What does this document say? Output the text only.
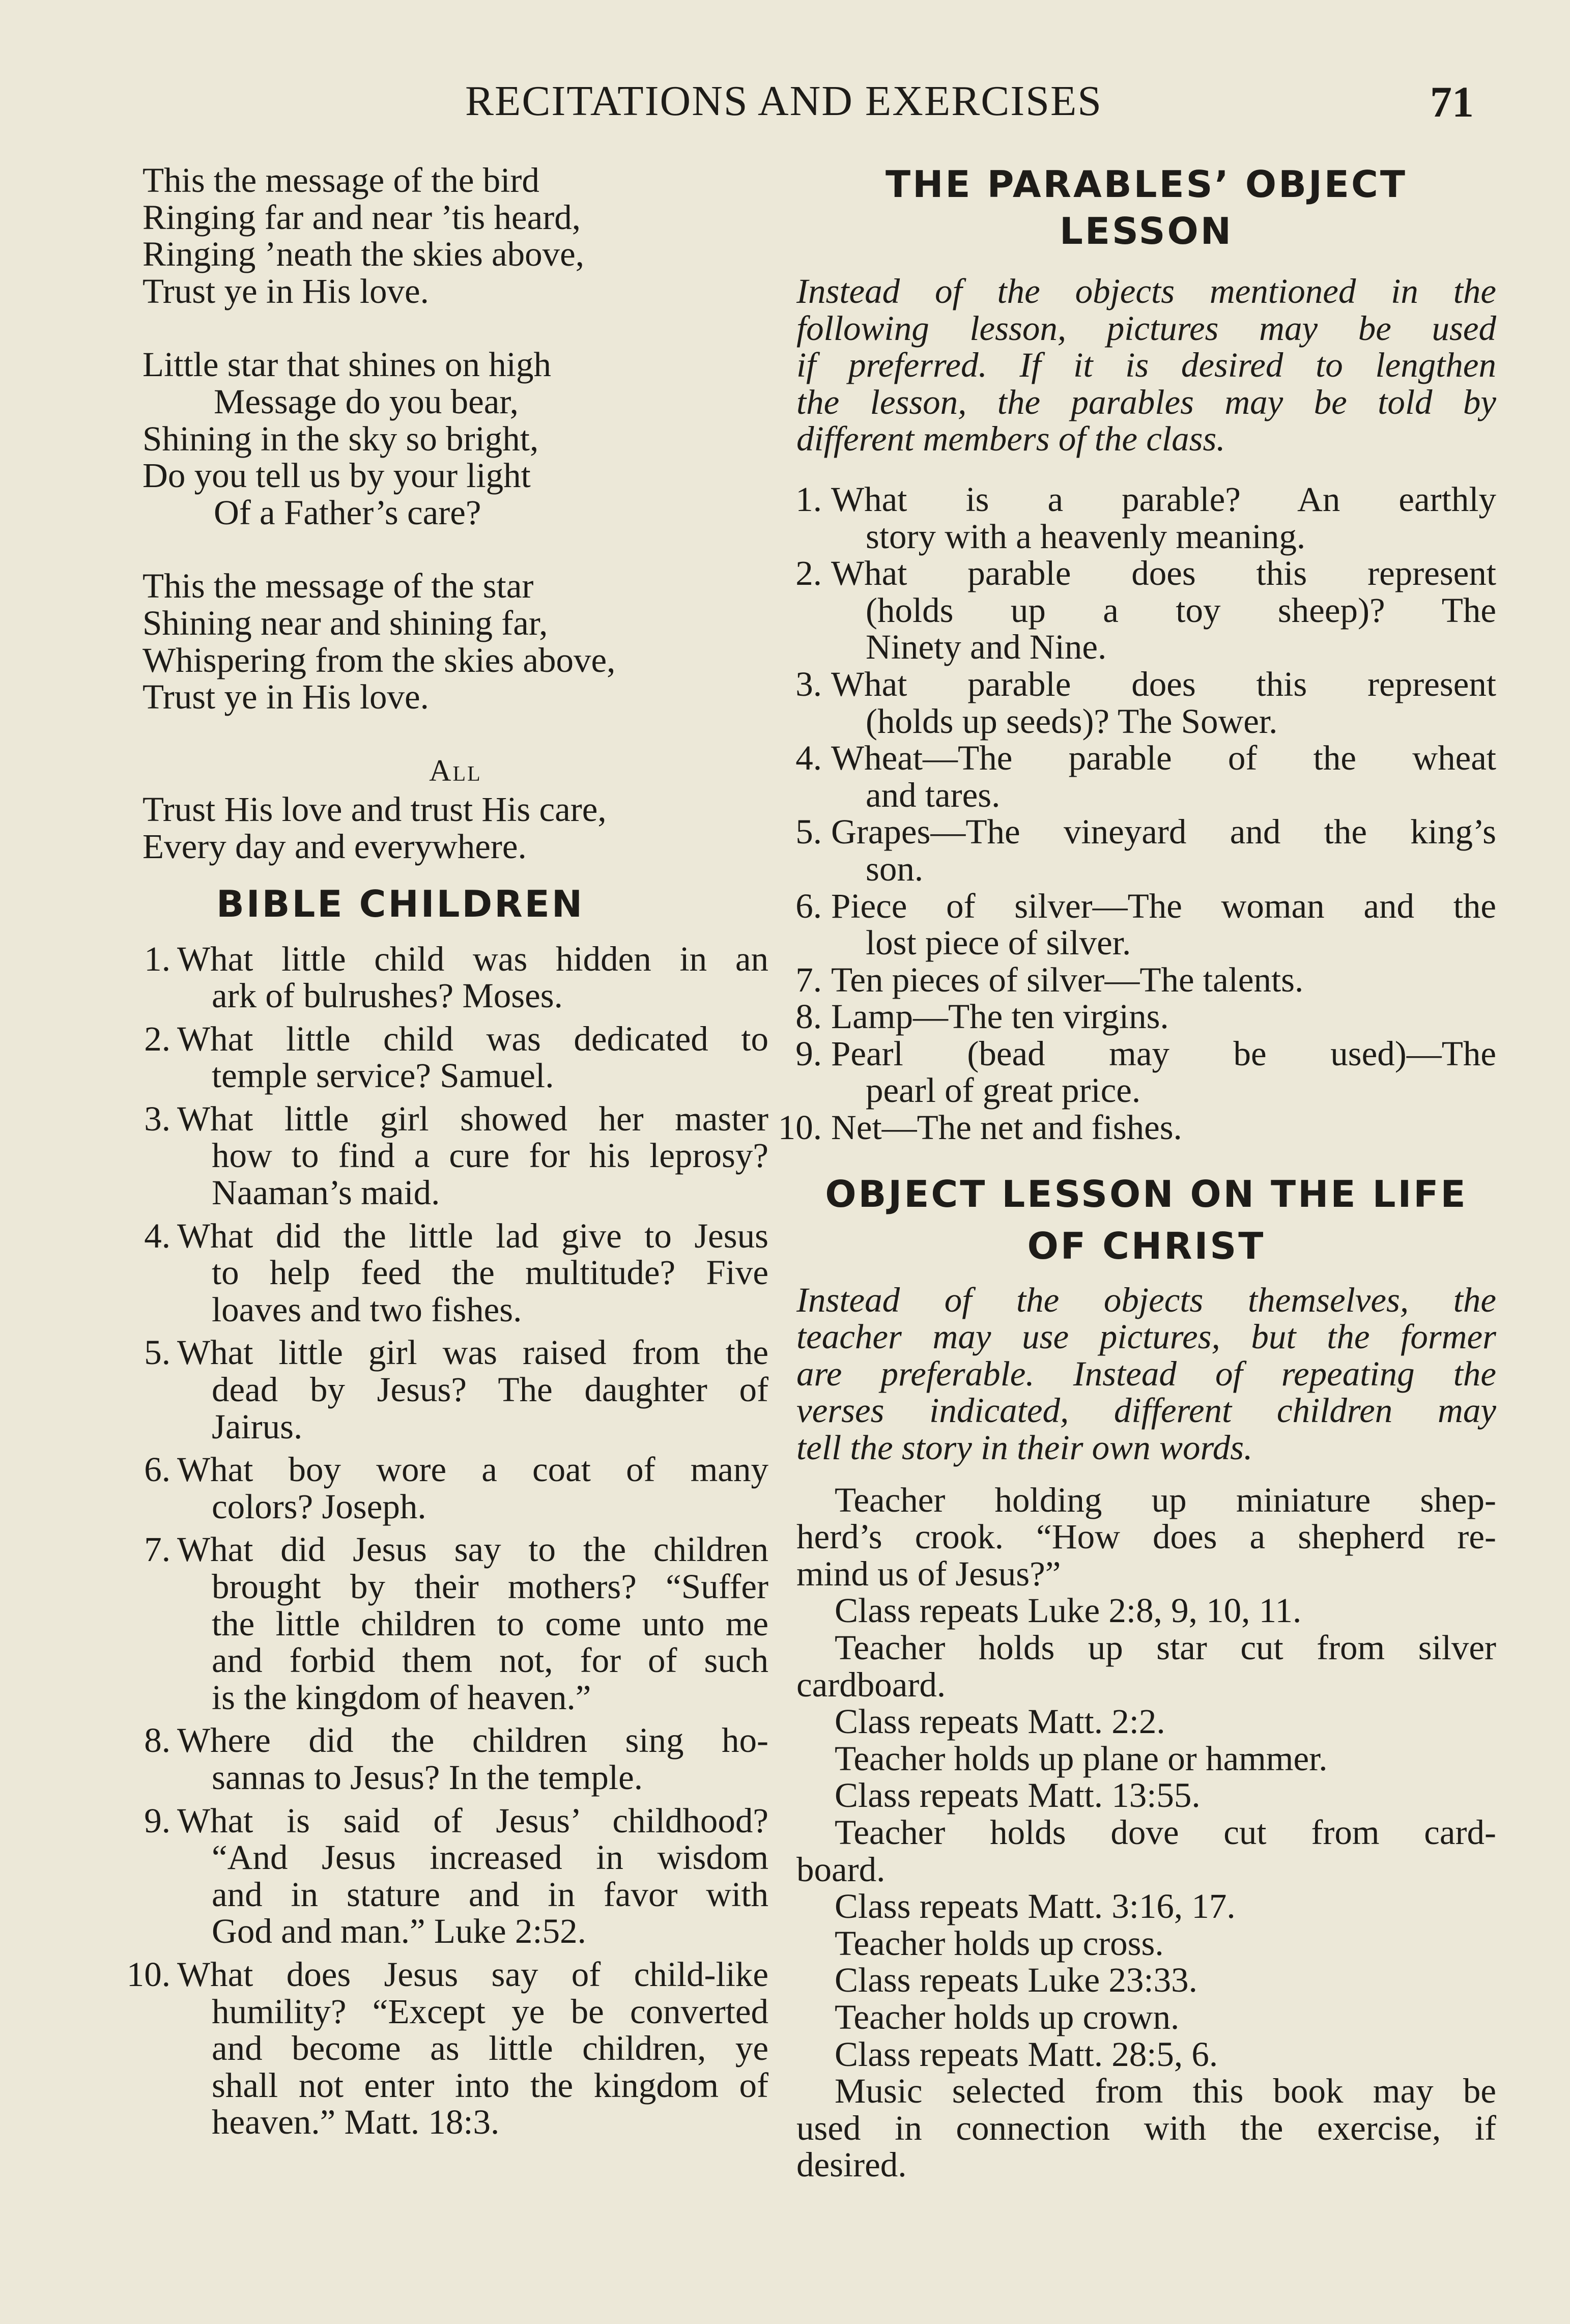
RECITATIONS AND EXERCISES	71
This the message of the bird
Ringing far and near ’tis heard,
Ringing ’neath the skies above,
Trust ye in His love.
Little star that shines on high
Message do you bear,
Shining in the sky so bright,
Do you tell us by your light
Of a Father’s care?
This the message of the star
Shining near and shining far,
Whispering from the skies above,
Trust ye in His love.
All
Trust His love and trust His care,
Every day and everywhere.
BIBLE CHILDREN
1. What little child was hidden in an
ark of bulrushes? Moses.
2. What little child was dedicated to
temple service? Samuel.
3. What little girl showed her master
how to find a cure for his leprosy?
Naaman’s maid.
4. What did the little lad give to Jesus
to help feed the multitude? Five
loaves and two fishes.
5. What little girl was raised from the
dead by Jesus? The daughter of
Jairus.
6. What boy wore a coat of many
colors? Joseph.
7. What did Jesus say to the children
brought by their mothers? “Suffer
the little children to come unto me
and forbid them not, for of such
is the kingdom of heaven.”
8. Where did the children sing ho-
sannas to Jesus? In the temple.
9. What is said of Jesus’ childhood?
“And Jesus increased in wisdom
and in stature and in favor with
God and man.” Luke 2:52.
10. What does Jesus say of child-like
humility? “Except ye be converted
and become as little children, ye
shall not enter into the kingdom of
heaven.” Matt. 18:3.
THE PARABLES’ OBJECT
LESSON
Instead of the objects mentioned in the
following lesson, pictures may be used
if preferred. If it is desired to lengthen
the lesson, the parables may be told by
different members of the class.
1. What is a parable? An earthly
story with a heavenly meaning.
2. What parable does this represent
(holds up a toy sheep)? The
Ninety and Nine.
3. What parable does this represent
(holds up seeds)? The Sower.
4. Wheat—The parable of the wheat
and tares.
5. Grapes—The vineyard and the king’s
son.
6. Piece of silver—The woman and the
lost piece of silver.
7. Ten pieces of silver—The talents.
8. Lamp—The ten virgins.
9. Pearl (bead may be used)—The
pearl of great price.
10. Net—The net and fishes.
OBJECT LESSON ON THE LIFE
OF CHRIST
Instead of the objects themselves, the
teacher may use pictures, but the former
are preferable. Instead of repeating the
verses indicated, different children may
tell the story in their own words.
Teacher holding up miniature shep-
herd’s crook. “How does a shepherd re-
mind us of Jesus?”
Class repeats Luke 2:8, 9, 10, 11.
Teacher holds up star cut from silver
cardboard.
Class repeats Matt. 2:2.
Teacher holds up plane or hammer.
Class repeats Matt. 13:55.
Teacher holds dove cut from card-
board.
Class repeats Matt. 3:16, 17.
Teacher holds up cross.
Class repeats Luke 23:33.
Teacher holds up crown.
Class repeats Matt. 28:5, 6.
Music selected from this book may be
used in connection with the exercise, if
desired.
